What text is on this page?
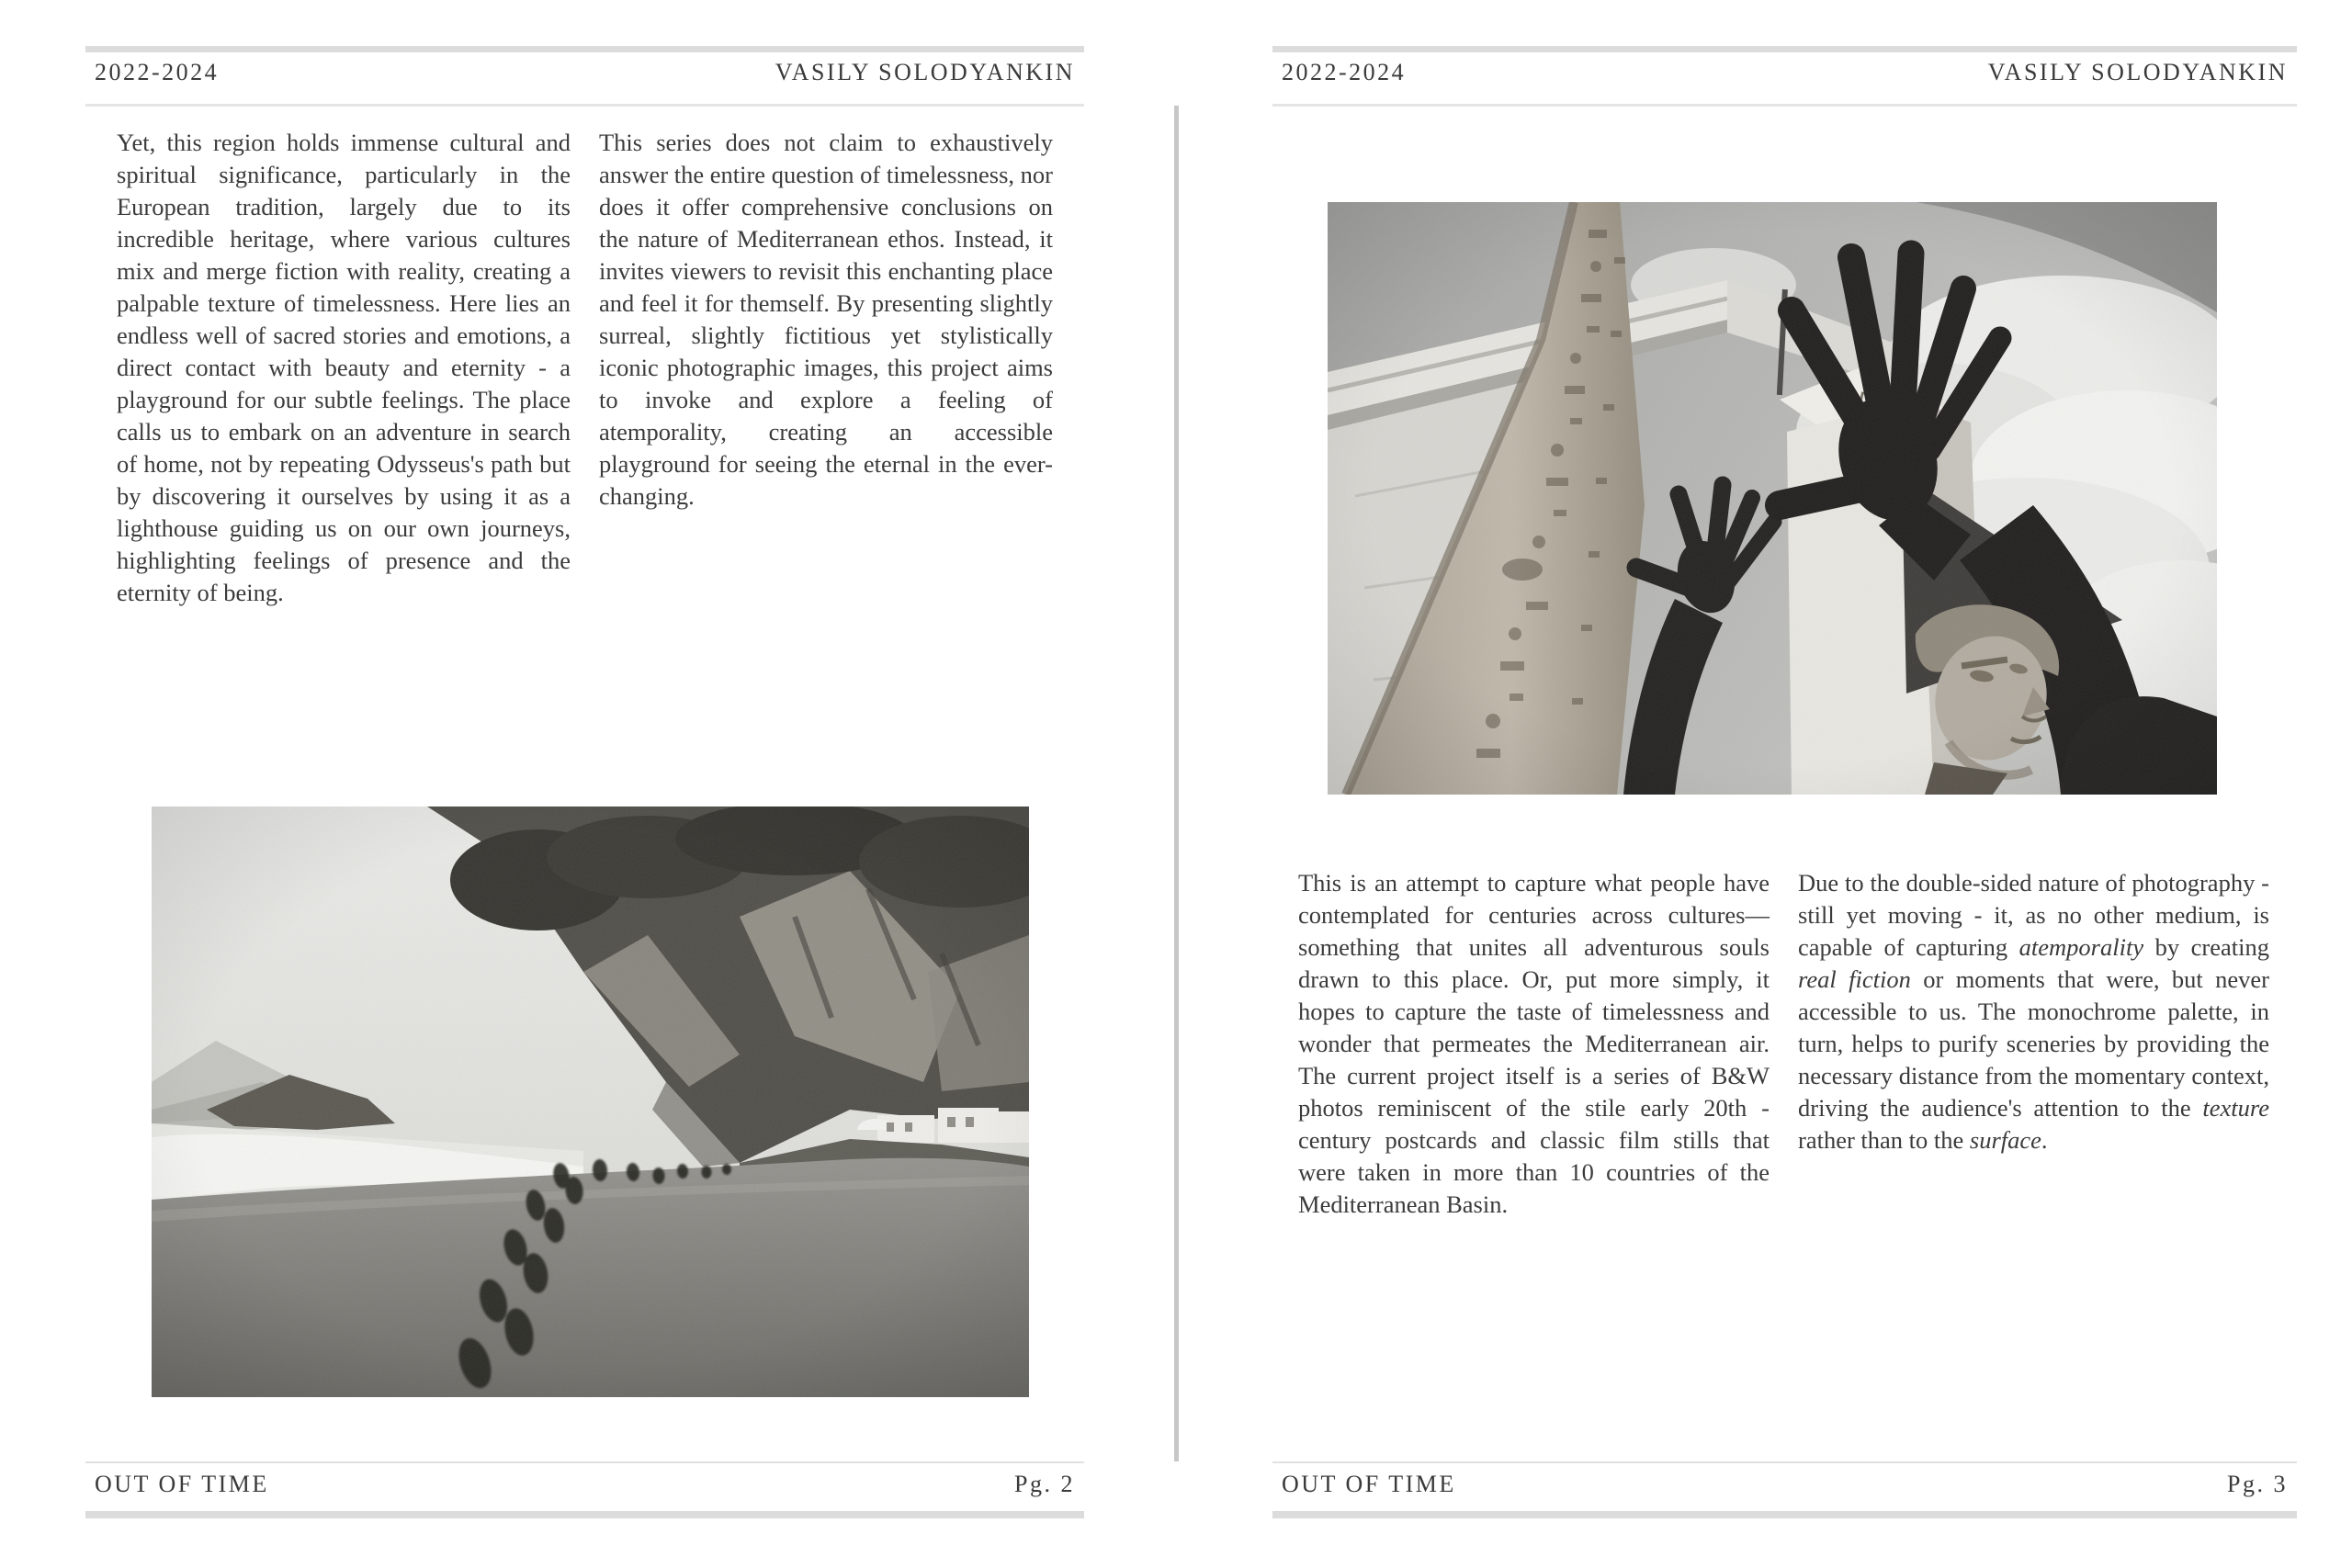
2022-2024	VASILY SOLODYANKIN
Yet, this region holds immense cultural and spiritual significance, particularly in the European tradition, largely due to its incredible heritage, where various cultures mix and merge fiction with reality, creating a palpable texture of timelessness. Here lies an endless well of sacred stories and emotions, a direct contact with beauty and eternity - a playground for our subtle feelings. The place calls us to embark on an adventure in search of home, not by repeating Odysseus's path but by discovering it ourselves by using it as a lighthouse guiding us on our own journeys, highlighting feelings of presence and the eternity of being.
This series does not claim to exhaustively answer the entire question of timelessness, nor does it offer comprehensive conclusions on the nature of Mediterranean ethos. Instead, it invites viewers to revisit this enchanting place and feel it for themself. By presenting slightly surreal, slightly fictitious yet stylistically iconic photographic images, this project aims to invoke and explore a feeling of atemporality, creating an accessible playground for seeing the eternal in the ever-changing.
OUT OF TIME	Pg. 2
2022-2024	VASILY SOLODYANKIN
This is an attempt to capture what people have contemplated for centuries across cultures—something that unites all adventurous souls drawn to this place. Or, put more simply, it hopes to capture the taste of timelessness and wonder that permeates the Mediterranean air. The current project itself is a series of B&W photos reminiscent of the stile early 20th -century postcards and classic film stills that were taken in more than 10 countries of the Mediterranean Basin.
Due to the double-sided nature of photography - still yet moving - it, as no other medium, is capable of capturing atemporality by creating real fiction or moments that were, but never accessible to us. The monochrome palette, in turn, helps to purify sceneries by providing the necessary distance from the momentary context, driving the audience's attention to the texture rather than to the surface.
OUT OF TIME	Pg. 3
